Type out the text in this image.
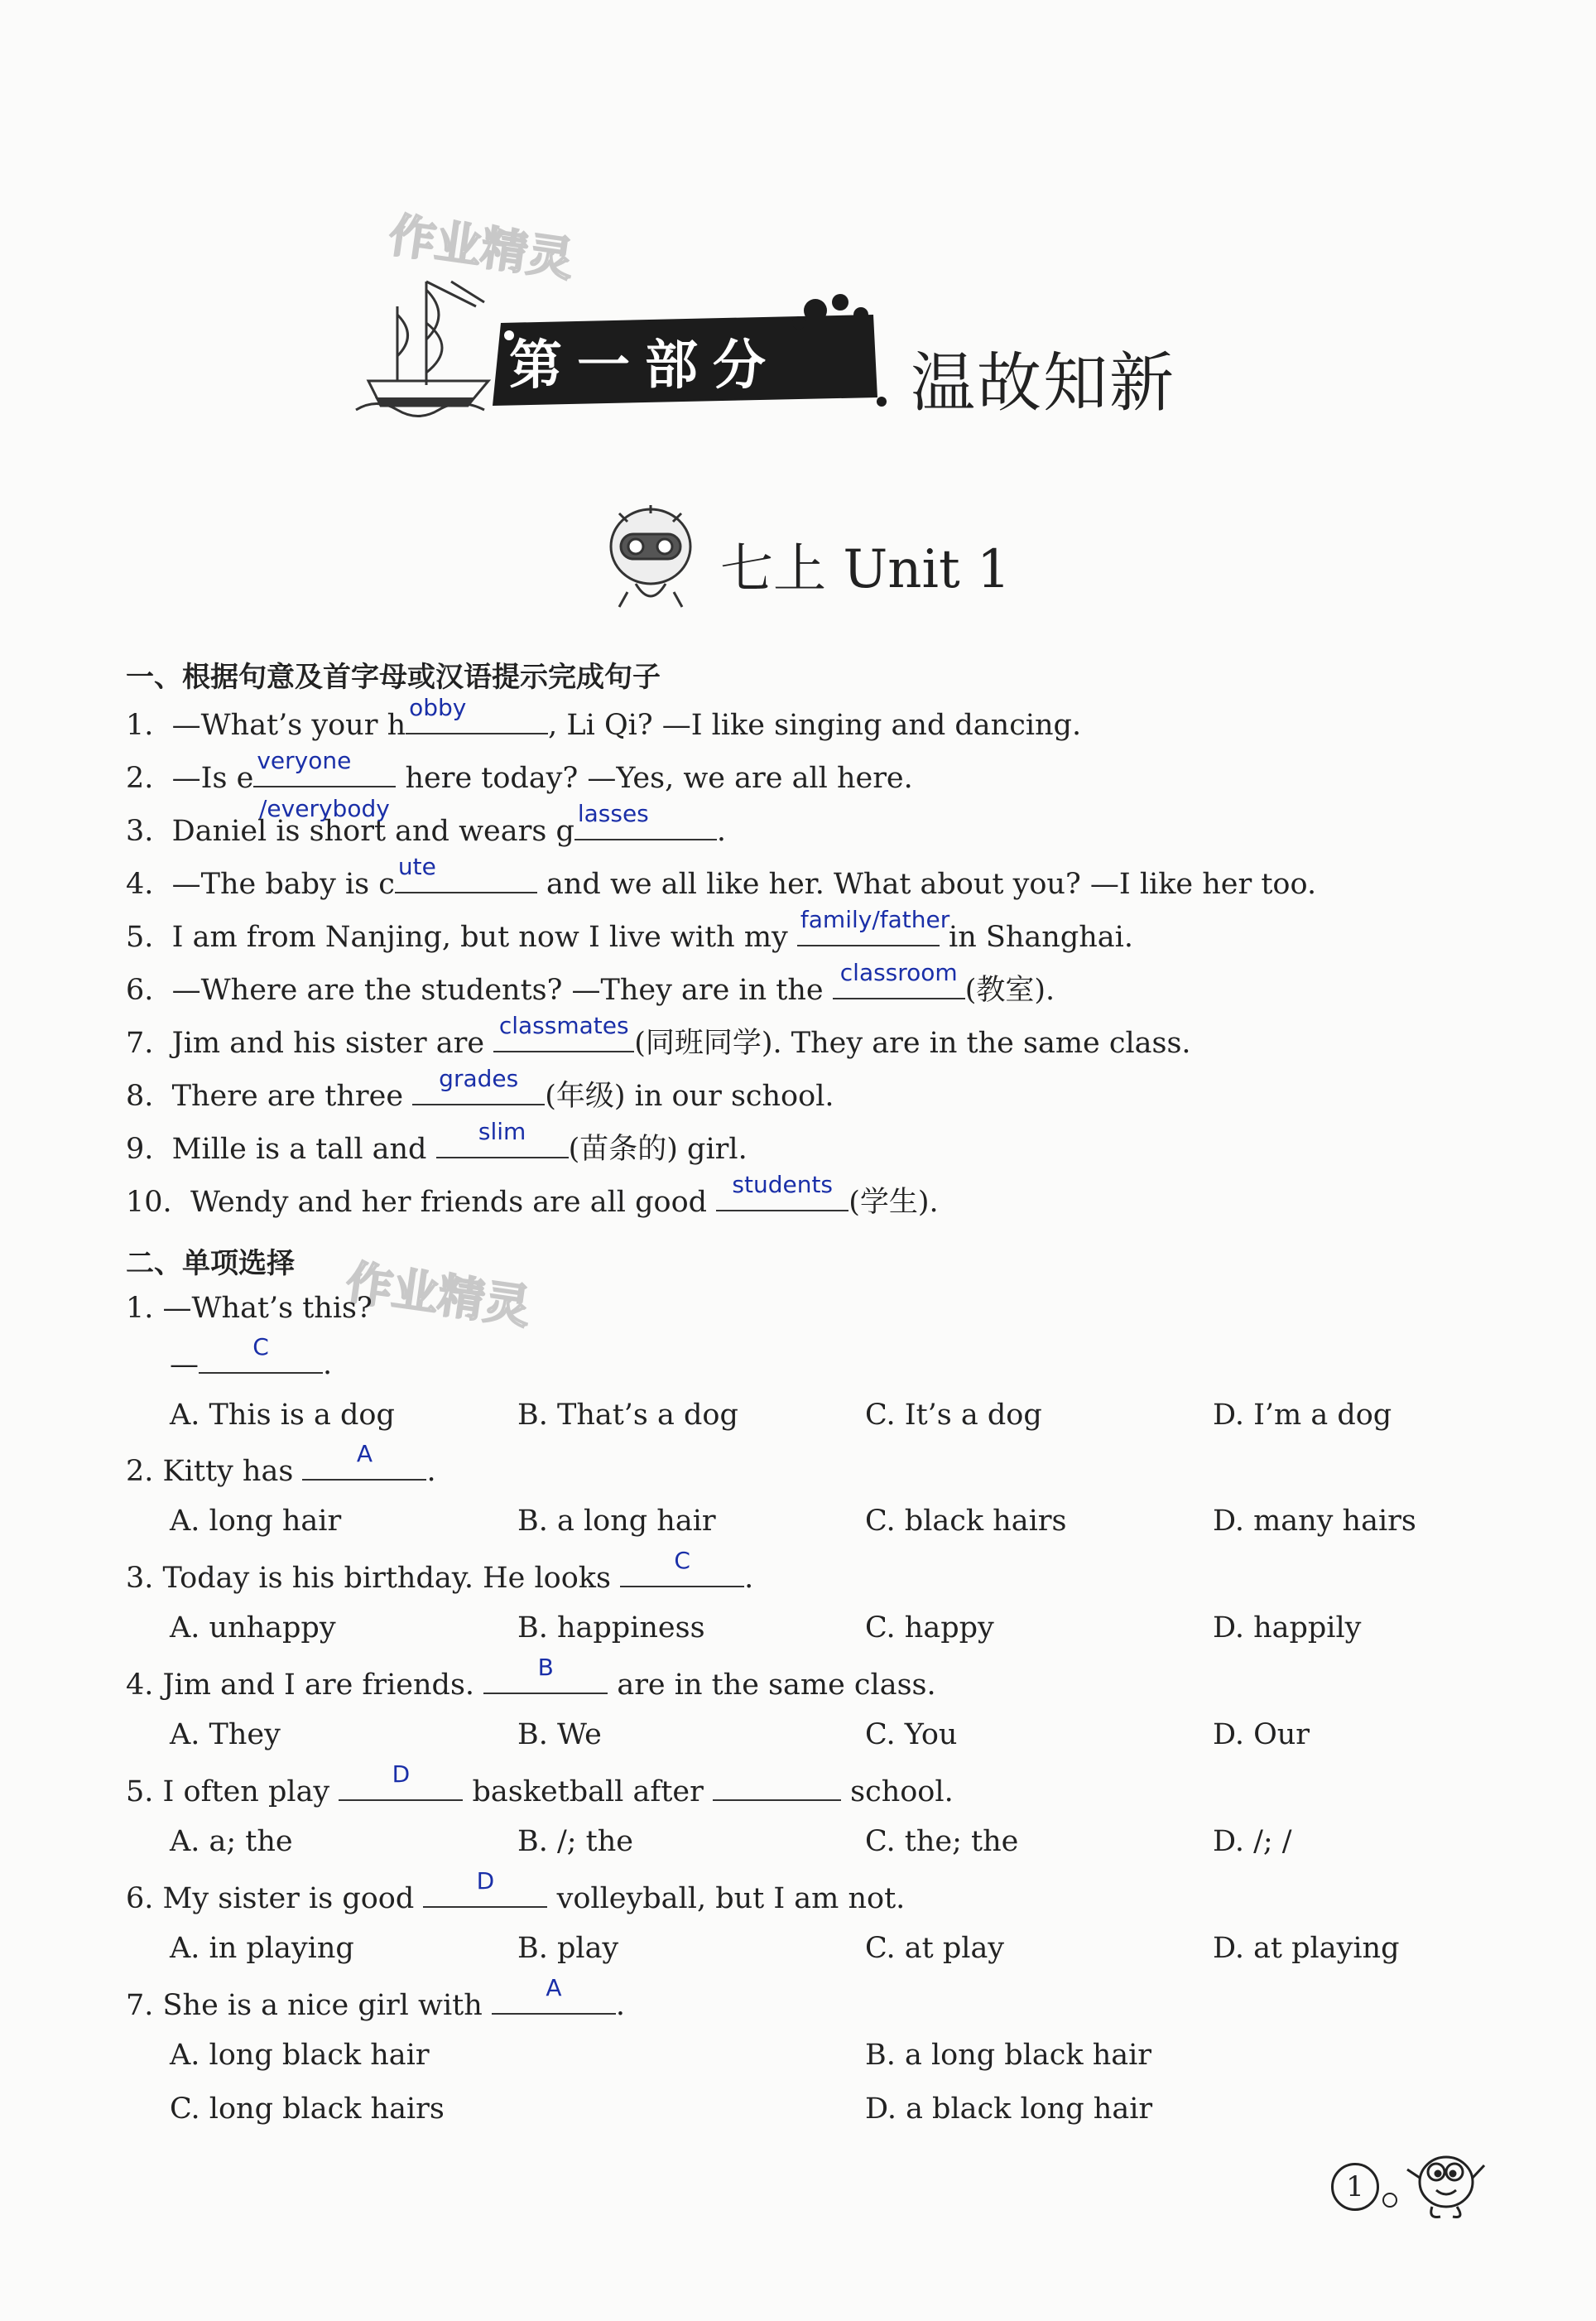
作业精灵
第一部分 温故知新
七上 Unit 1
一、根据句意及首字母或汉语提示完成句子
1. —What’s your h
obby
, Li Qi? —I like singing and dancing.
2. —Is e
veryone
here today? —Yes, we are all here.
/everybody
3. Daniel is short and wears g
lasses
.
4. —The baby is c
ute
and we all like her. What about you? —I like her too.
5. I am from Nanjing, but now I live with my
family/father
in Shanghai.
6. —Where are the students? —They are in the
classroom
(教室).
7. Jim and his sister are
classmates
(同班同学). They are in the same class.
8. There are three
grades
(年级) in our school.
9. Mille is a tall and
slim
(苗条的) girl.
10. Wendy and her friends are all good
students
(学生).
二、单项选择 作业精灵
1. —What’s this?
—
C
.
A. This is a dog	B. That’s a dog	C. It’s a dog	D. I’m a dog
2. Kitty has
A
.
A. long hair	B. a long hair	C. black hairs	D. many hairs
3. Today is his birthday. He looks
C
.
A. unhappy	B. happiness	C. happy	D. happily
4. Jim and I are friends.
B
are in the same class.
A. They	B. We	C. You	D. Our
5. I often play
D
basketball after	school.
A. a; the	B. /; the	C. the; the	D. /; /
6. My sister is good
D
volleyball, but I am not.
A. in playing	B. play	C. at play	D. at playing
7. She is a nice girl with
A
.
A. long black hair	B. a long black hair
C. long black hairs	D. a black long hair
1
